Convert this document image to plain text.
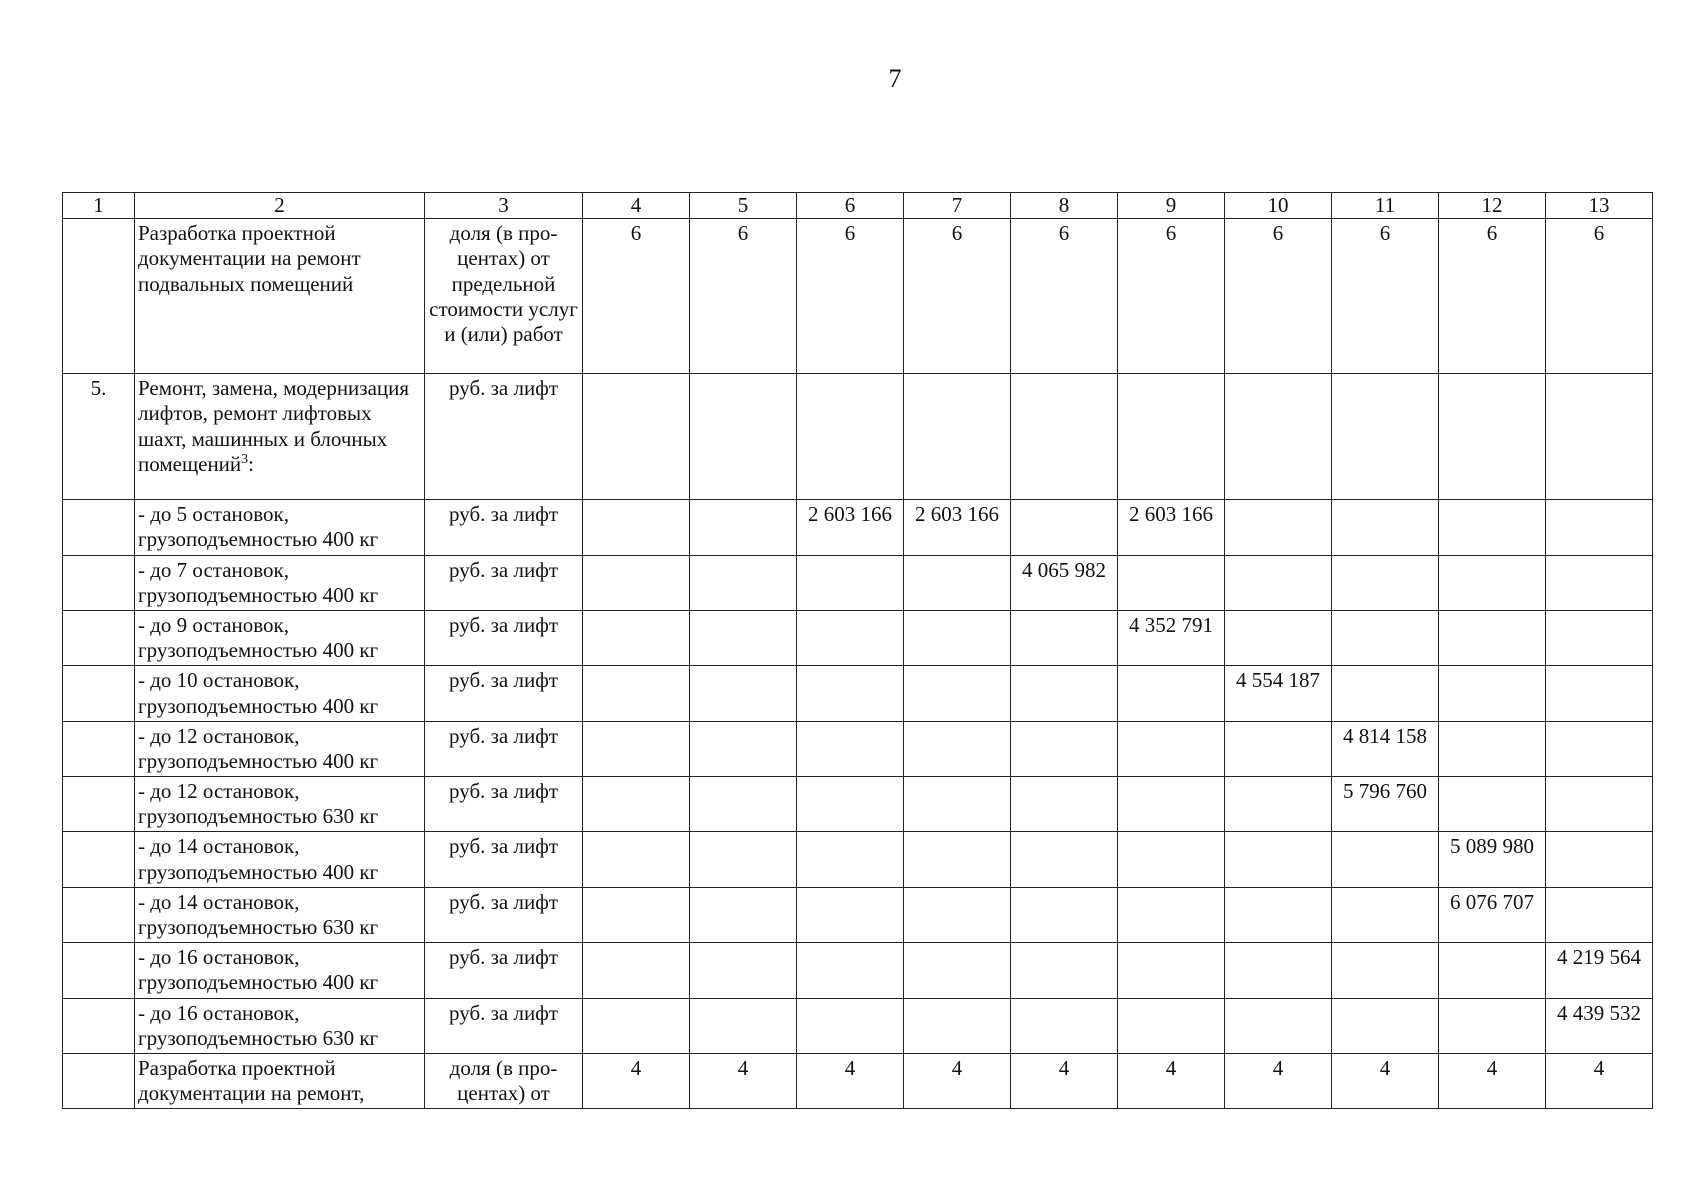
7
1	2	3	4	5	6	7	8	9	10	11	12	13
	Разработка проектной документации на ремонт подвальных помещений	доля (в про-центах) от предельной стоимости услуг и (или) работ	6	6	6	6	6	6	6	6	6	6
5.	Ремонт, замена, модернизация лифтов, ремонт лифтовых шахт, машинных и блочных помещений$^3$:	руб. за лифт										
	- до 5 остановок, грузоподъемностью 400 кг	руб. за лифт			2 603 166	2 603 166		2 603 166				
	- до 7 остановок, грузоподъемностью 400 кг	руб. за лифт					4 065 982					
	- до 9 остановок, грузоподъемностью 400 кг	руб. за лифт						4 352 791				
	- до 10 остановок, грузоподъемностью 400 кг	руб. за лифт							4 554 187			
	- до 12 остановок, грузоподъемностью 400 кг	руб. за лифт								4 814 158		
	- до 12 остановок, грузоподъемностью 630 кг	руб. за лифт								5 796 760		
	- до 14 остановок, грузоподъемностью 400 кг	руб. за лифт									5 089 980	
	- до 14 остановок, грузоподъемностью 630 кг	руб. за лифт									6 076 707	
	- до 16 остановок, грузоподъемностью 400 кг	руб. за лифт										4 219 564
	- до 16 остановок, грузоподъемностью 630 кг	руб. за лифт										4 439 532
	Разработка проектной документации на ремонт,	доля (в про-центах) от	4	4	4	4	4	4	4	4	4	4
